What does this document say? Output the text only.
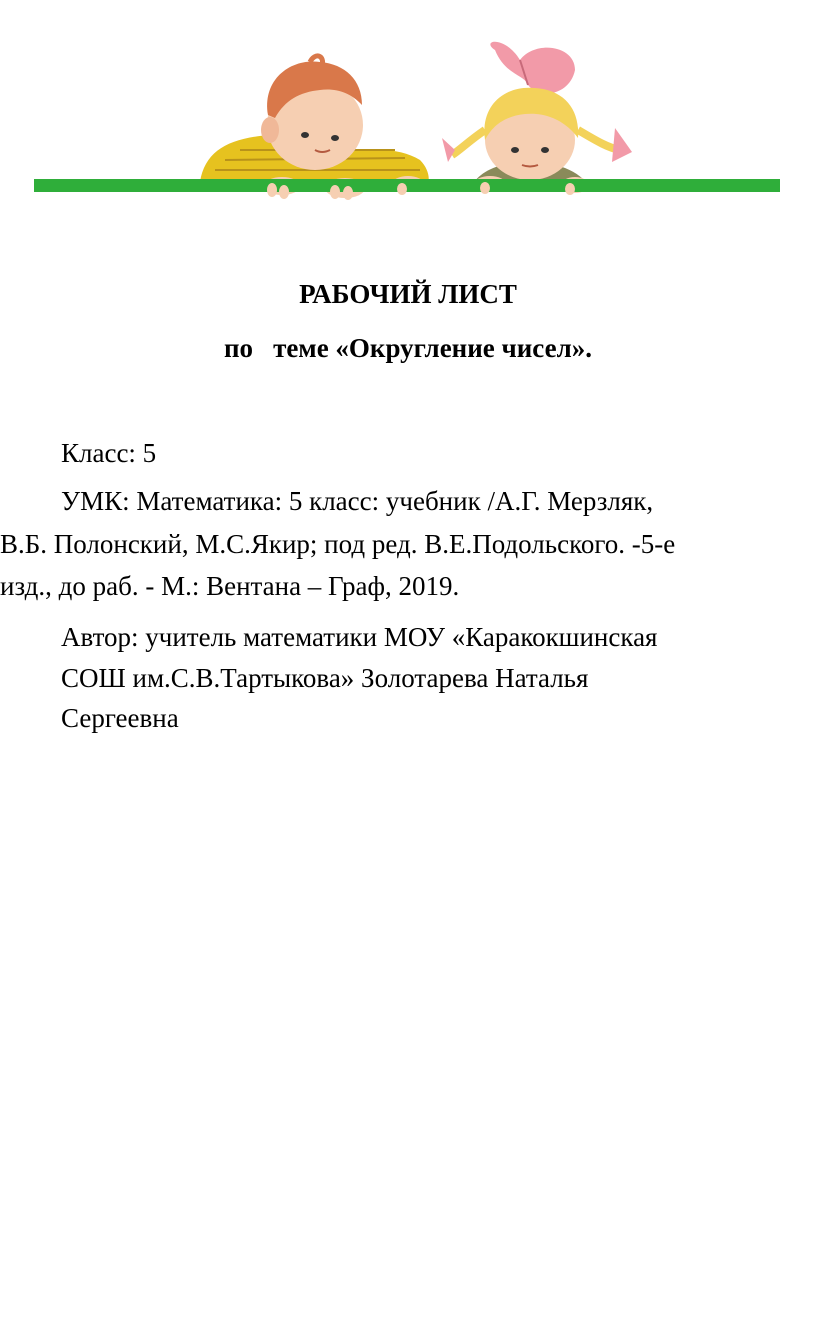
РАБОЧИЙ ЛИСТ
по теме «Округление чисел».
Класс: 5
УМК: Математика: 5 класс: учебник /А.Г. Мерзляк,
В.Б. Полонский, М.С.Якир; под ред. В.Е.Подольского. -5-е
изд., до раб. - М.: Вентана – Граф, 2019.
Автор: учитель математики МОУ «Каракокшинская
СОШ им.С.В.Тартыкова» Золотарева Наталья
Сергеевна
